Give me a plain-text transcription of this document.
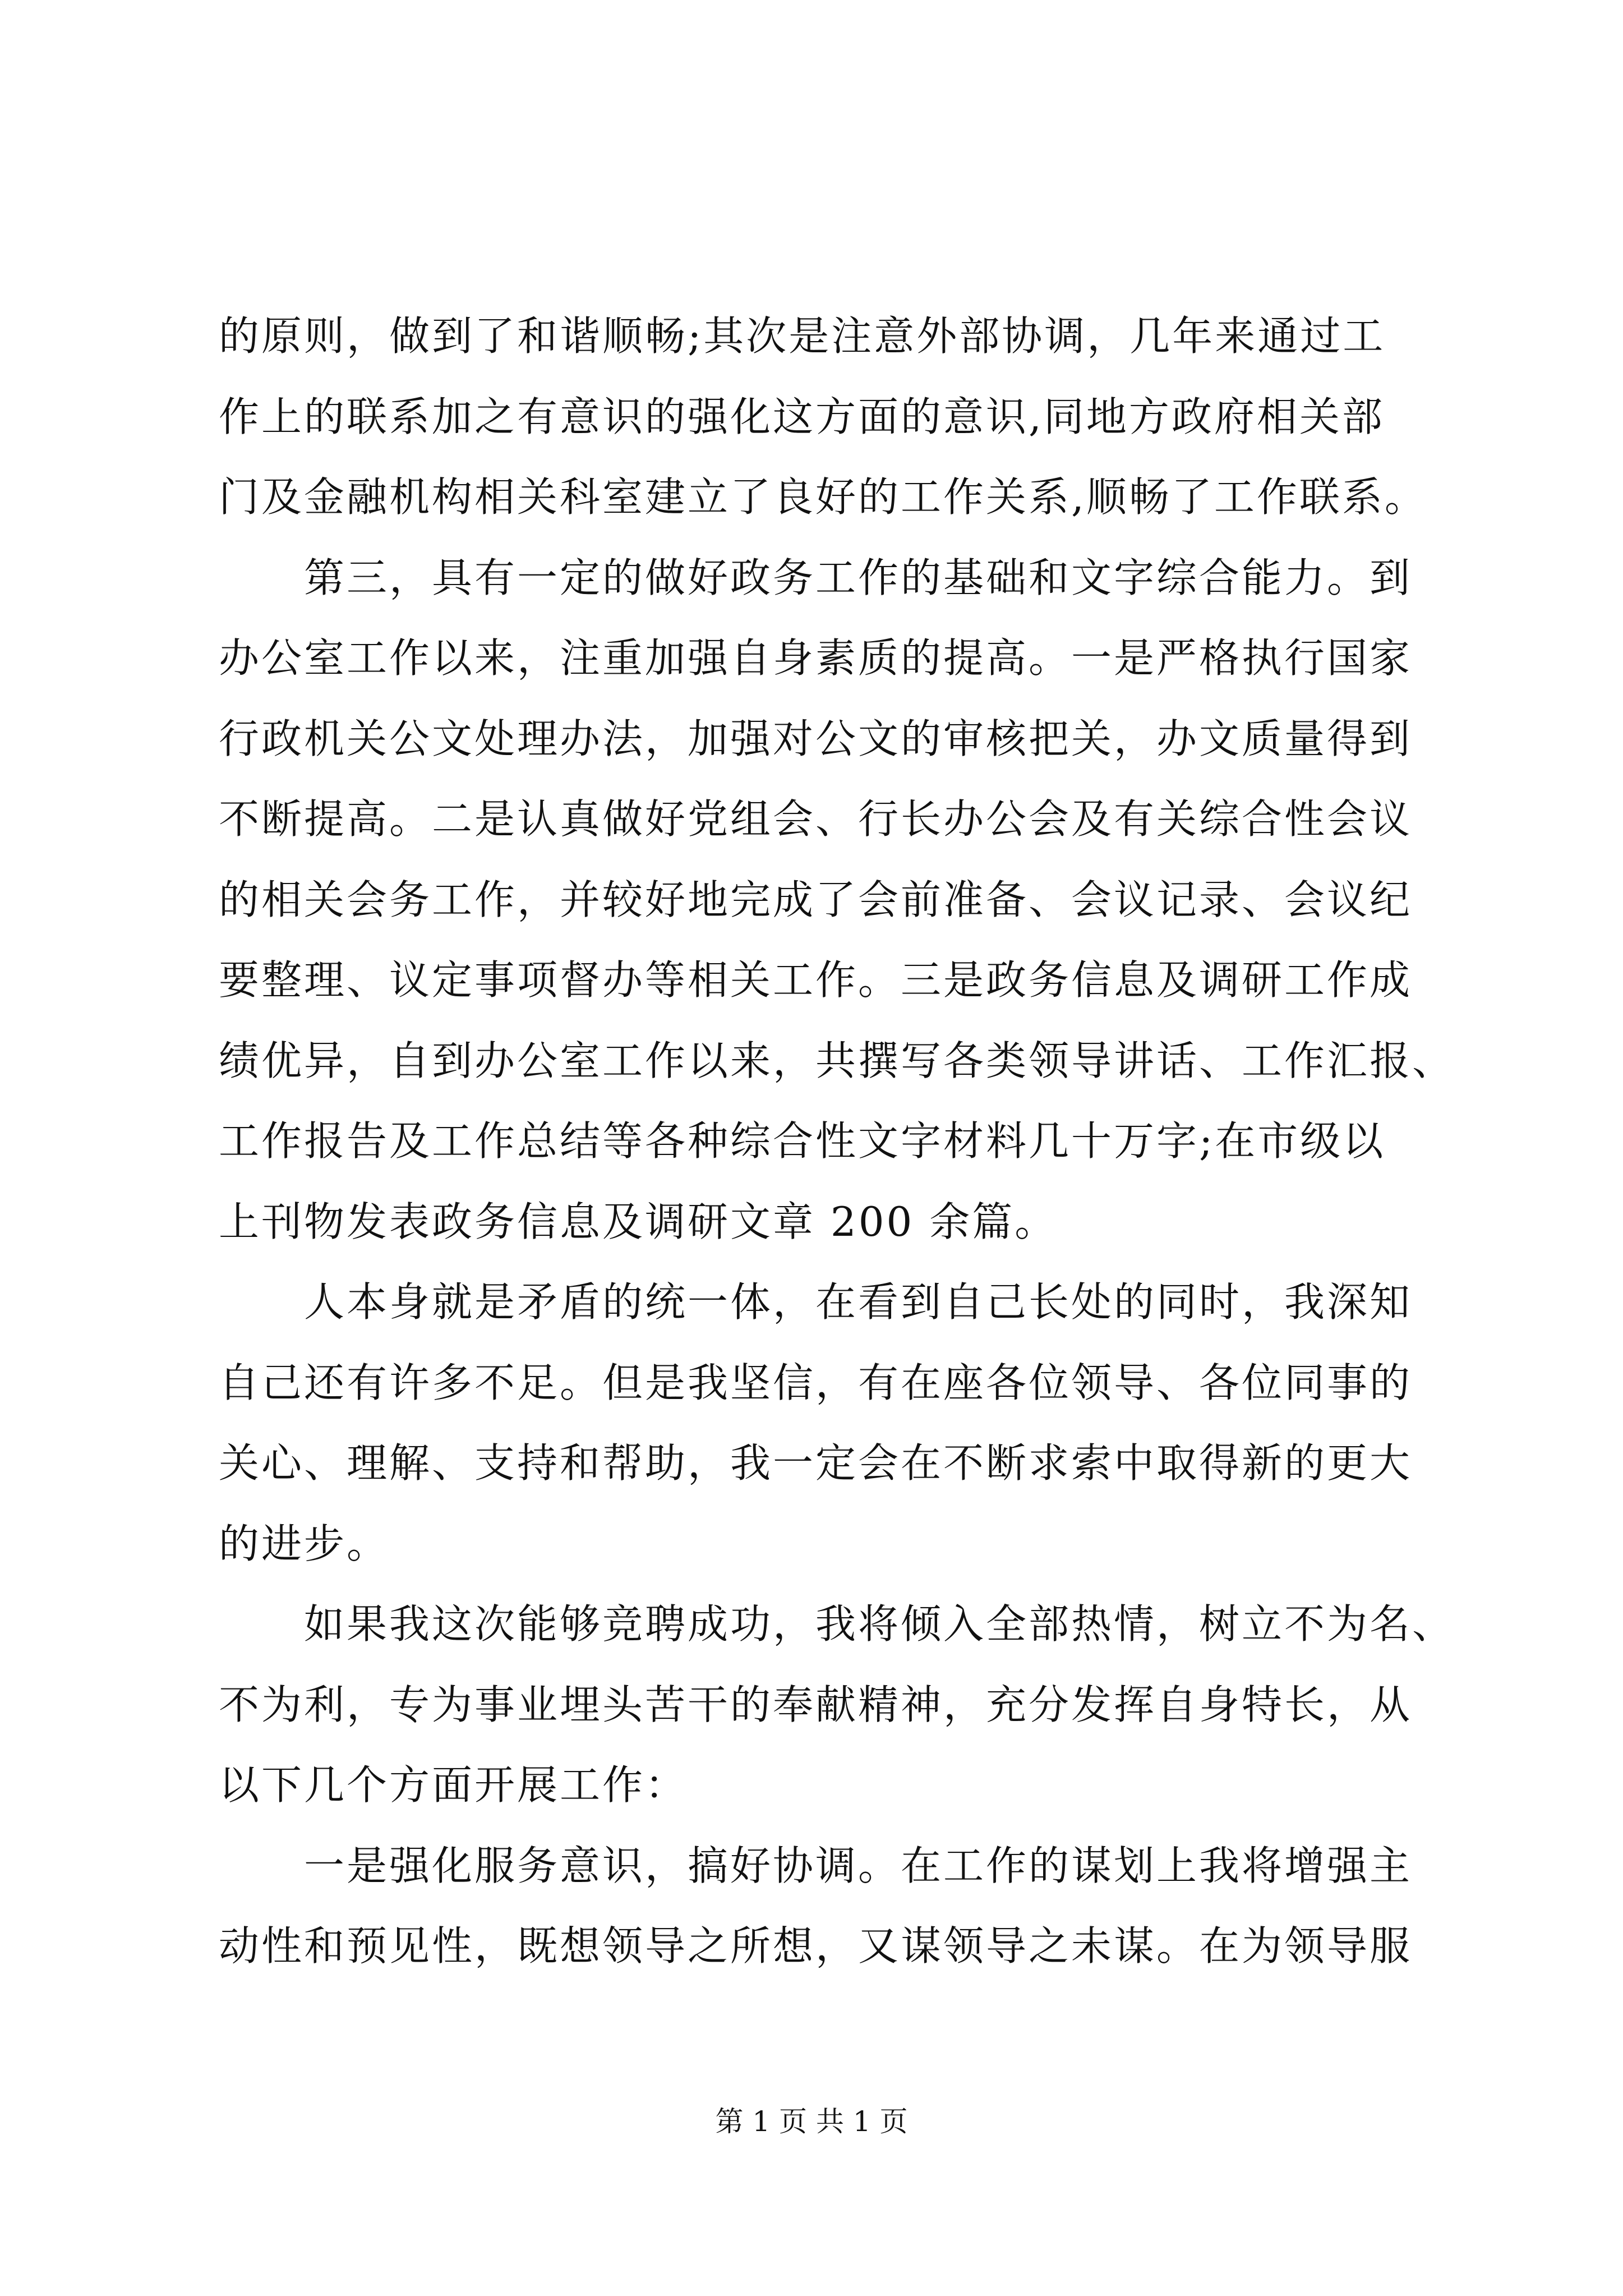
的原则，做到了和谐顺畅;其次是注意外部协调，几年来通过工
作上的联系加之有意识的强化这方面的意识,同地方政府相关部
门及金融机构相关科室建立了良好的工作关系,顺畅了工作联系。
第三，具有一定的做好政务工作的基础和文字综合能力。到
办公室工作以来，注重加强自身素质的提高。一是严格执行国家
行政机关公文处理办法，加强对公文的审核把关，办文质量得到
不断提高。二是认真做好党组会、行长办公会及有关综合性会议
的相关会务工作，并较好地完成了会前准备、会议记录、会议纪
要整理、议定事项督办等相关工作。三是政务信息及调研工作成
绩优异，自到办公室工作以来，共撰写各类领导讲话、工作汇报、
工作报告及工作总结等各种综合性文字材料几十万字;在市级以
上刊物发表政务信息及调研文章 200 余篇。
人本身就是矛盾的统一体，在看到自己长处的同时，我深知
自己还有许多不足。但是我坚信，有在座各位领导、各位同事的
关心、理解、支持和帮助，我一定会在不断求索中取得新的更大
的进步。
如果我这次能够竞聘成功，我将倾入全部热情，树立不为名、
不为利，专为事业埋头苦干的奉献精神，充分发挥自身特长，从
以下几个方面开展工作：
一是强化服务意识，搞好协调。在工作的谋划上我将增强主
动性和预见性，既想领导之所想，又谋领导之未谋。在为领导服
第 1 页 共 1 页
